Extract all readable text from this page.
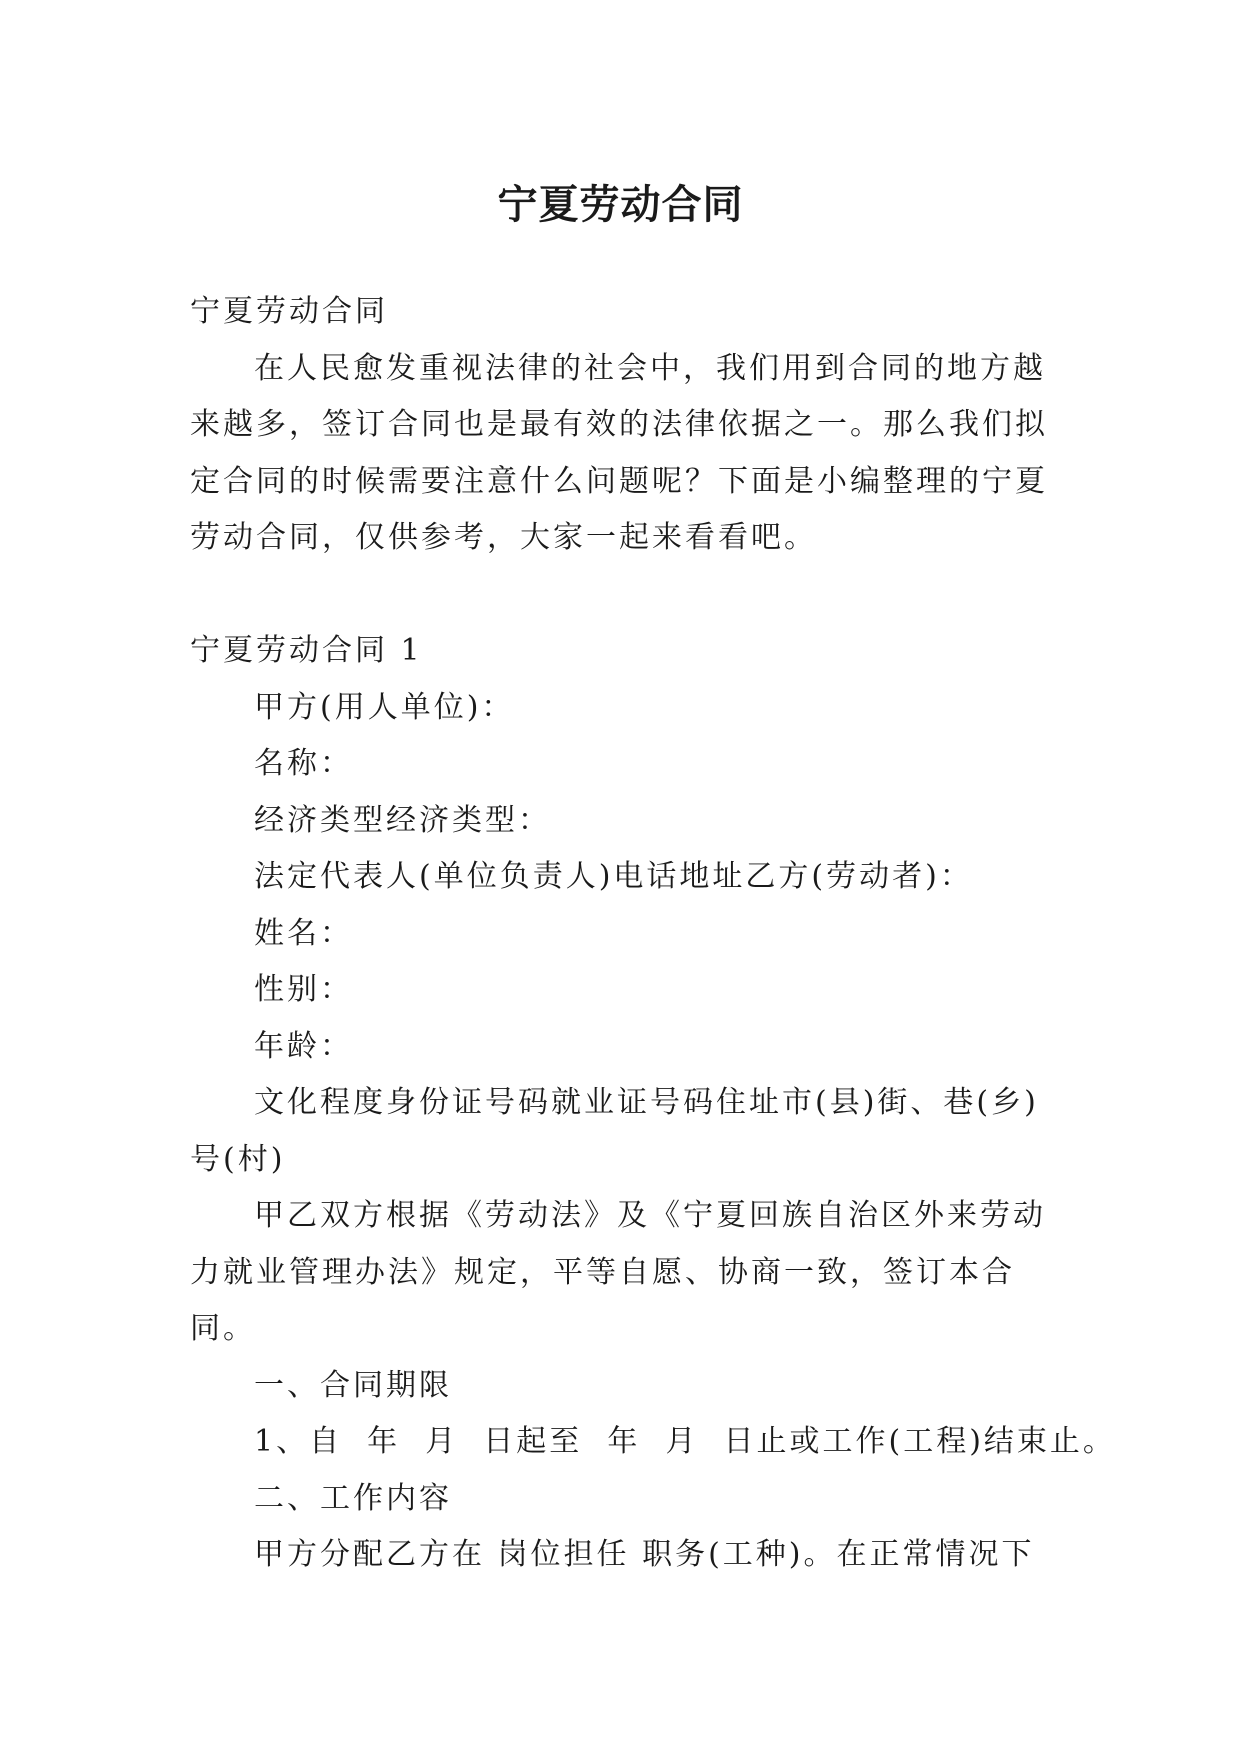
宁夏劳动合同

宁夏劳动合同

在人民愈发重视法律的社会中，我们用到合同的地方越来越多，签订合同也是最有效的法律依据之一。那么我们拟定合同的时候需要注意什么问题呢？下面是小编整理的宁夏劳动合同，仅供参考，大家一起来看看吧。

宁夏劳动合同 1

甲方(用人单位)：

名称：

经济类型经济类型：

法定代表人(单位负责人)电话地址乙方(劳动者)：

姓名：

性别：

年龄：

文化程度身份证号码就业证号码住址市(县)街、巷(乡)号(村)

甲乙双方根据《劳动法》及《宁夏回族自治区外来劳动力就业管理办法》规定，平等自愿、协商一致，签订本合同。

一、合同期限

1、自  年  月  日起至  年  月  日止或工作(工程)结束止。

二、工作内容

甲方分配乙方在 岗位担任 职务(工种)。在正常情况下
